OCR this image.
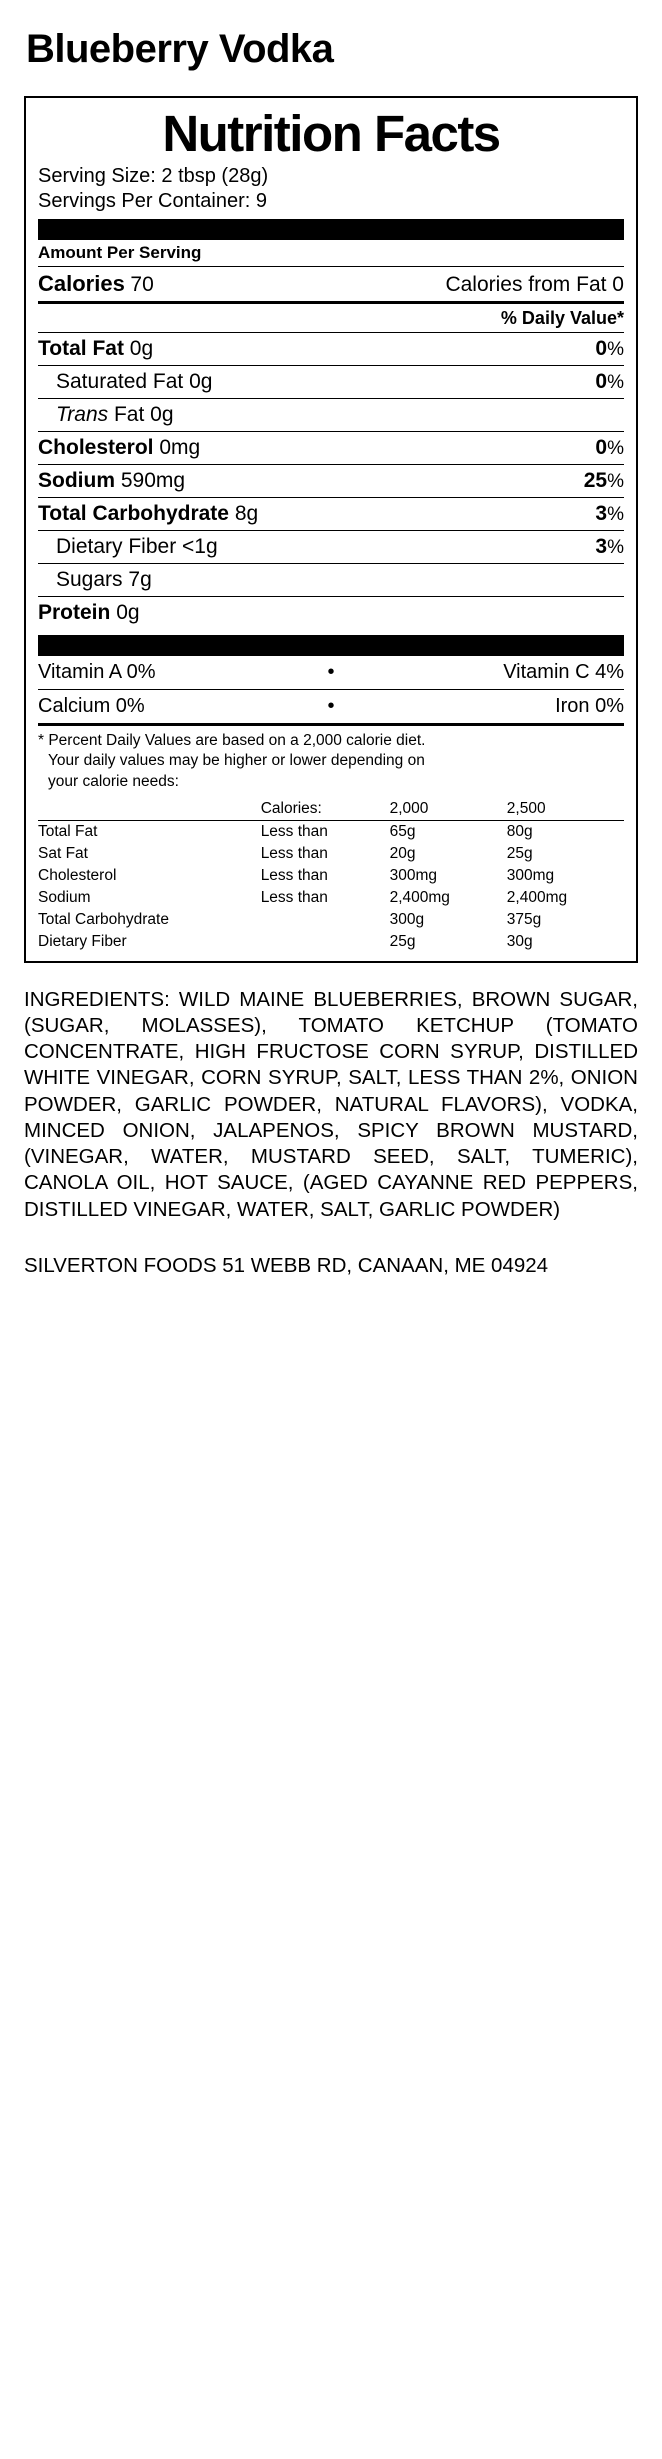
Blueberry Vodka
Nutrition Facts
Serving Size: 2 tbsp (28g)
Servings Per Container: 9
Amount Per Serving
Calories 70	Calories from Fat 0
% Daily Value*
Total Fat 0g	0%
Saturated Fat 0g	0%
Trans Fat 0g
Cholesterol 0mg	0%
Sodium 590mg	25%
Total Carbohydrate 8g	3%
Dietary Fiber <1g	3%
Sugars 7g
Protein 0g
Vitamin A 0%	•	Vitamin C 4%
Calcium 0%	•	Iron 0%
* Percent Daily Values are based on a 2,000 calorie diet.
Your daily values may be higher or lower depending on
your calorie needs:
	Calories:	2,000	2,500
Total Fat	Less than	65g	80g
Sat Fat	Less than	20g	25g
Cholesterol	Less than	300mg	300mg
Sodium	Less than	2,400mg	2,400mg
Total Carbohydrate		300g	375g
Dietary Fiber		25g	30g
INGREDIENTS: WILD MAINE BLUEBERRIES, BROWN SUGAR, (SUGAR, MOLASSES), TOMATO KETCHUP (TOMATO CONCENTRATE, HIGH FRUCTOSE CORN SYRUP, DISTILLED WHITE VINEGAR, CORN SYRUP, SALT, LESS THAN 2%, ONION POWDER, GARLIC POWDER, NATURAL FLAVORS), VODKA, MINCED ONION, JALAPENOS, SPICY BROWN MUSTARD, (VINEGAR, WATER, MUSTARD SEED, SALT, TUMERIC), CANOLA OIL, HOT SAUCE, (AGED CAYANNE RED PEPPERS, DISTILLED VINEGAR, WATER, SALT, GARLIC POWDER)
SILVERTON FOODS 51 WEBB RD, CANAAN, ME 04924
